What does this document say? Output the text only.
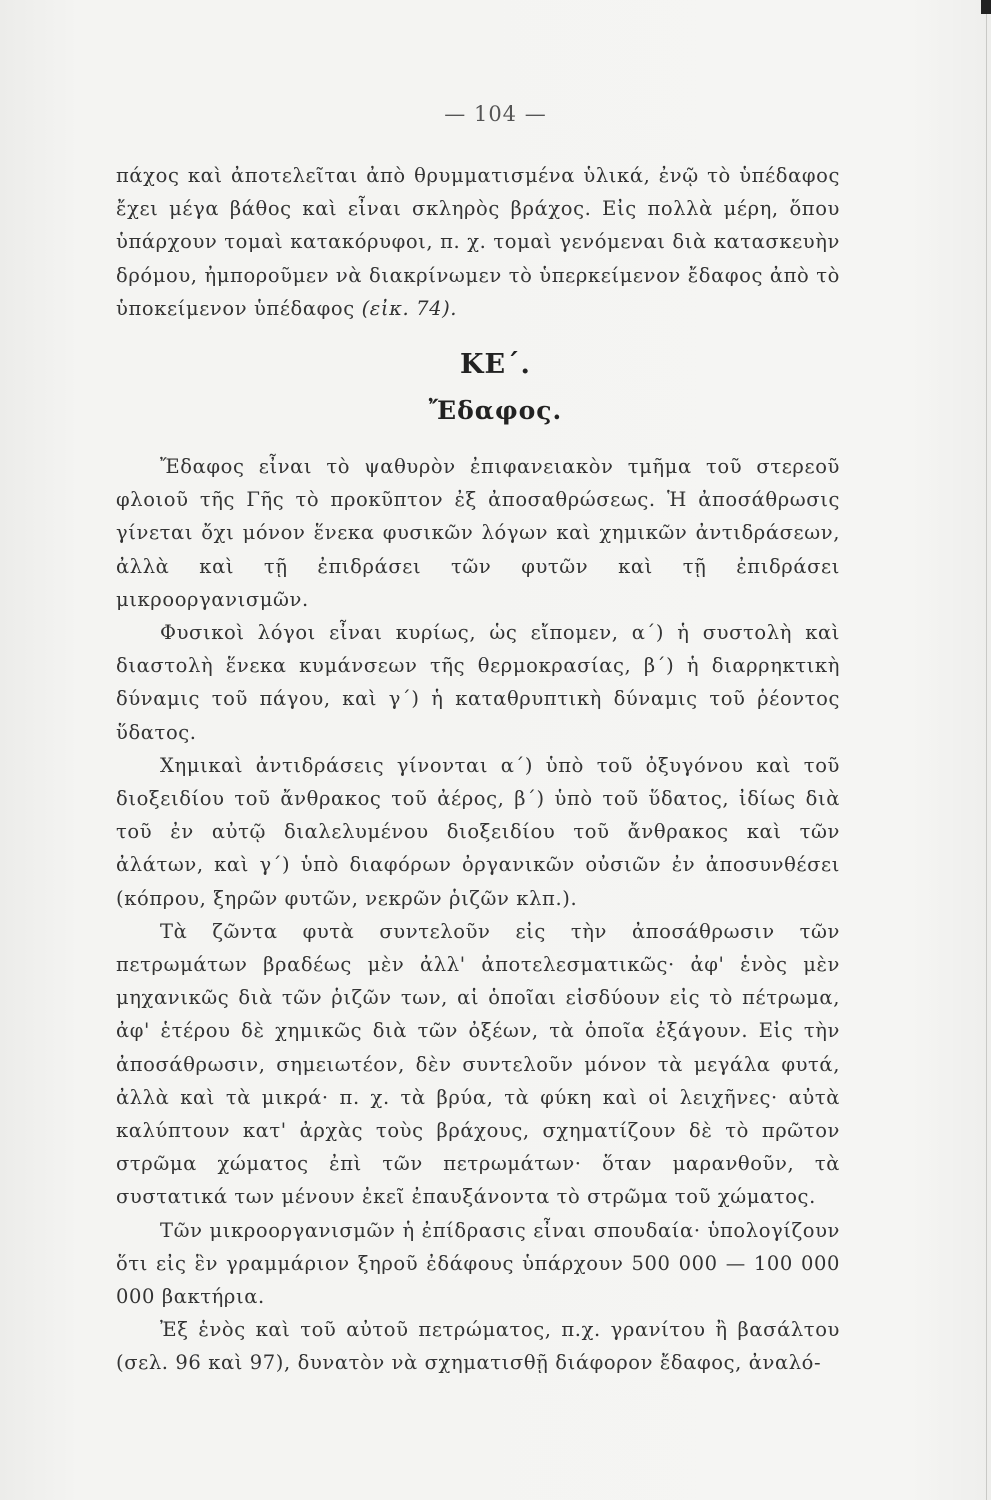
— 104 —

πάχος καὶ ἀποτελεῖται ἀπὸ θρυμματισμένα ὑλικά, ἐνῷ τὸ ὑπέδαφος ἔχει μέγα βάθος καὶ εἶναι σκληρὸς βράχος. Εἰς πολλὰ μέρη, ὅπου ὑπάρχουν τομαὶ κατακόρυφοι, π. χ. τομαὶ γενόμεναι διὰ κατασκευὴν δρόμου, ἠμποροῦμεν νὰ διακρίνωμεν τὸ ὑπερκείμενον ἔδαφος ἀπὸ τὸ ὑποκείμενον ὑπέδαφος (εἰκ. 74).

ΚΕ΄.
Ἔδαφος.

Ἔδαφος εἶναι τὸ ψαθυρὸν ἐπιφανειακὸν τμῆμα τοῦ στερεοῦ φλοιοῦ τῆς Γῆς τὸ προκῦπτον ἐξ ἀποσαθρώσεως. Ἡ ἀποσάθρωσις γίνεται ὄχι μόνον ἕνεκα φυσικῶν λόγων καὶ χημικῶν ἀντιδράσεων, ἀλλὰ καὶ τῇ ἐπιδράσει τῶν φυτῶν καὶ τῇ ἐπιδράσει μικροοργανισμῶν.

Φυσικοὶ λόγοι εἶναι κυρίως, ὡς εἴπομεν, α΄) ἡ συστολὴ καὶ διαστολὴ ἕνεκα κυμάνσεων τῆς θερμοκρασίας, β΄) ἡ διαρρηκτικὴ δύναμις τοῦ πάγου, καὶ γ΄) ἡ καταθρυπτικὴ δύναμις τοῦ ῥέοντος ὕδατος.

Χημικαὶ ἀντιδράσεις γίνονται α΄) ὑπὸ τοῦ ὀξυγόνου καὶ τοῦ διοξειδίου τοῦ ἄνθρακος τοῦ ἀέρος, β΄) ὑπὸ τοῦ ὕδατος, ἰδίως διὰ τοῦ ἐν αὐτῷ διαλελυμένου διοξειδίου τοῦ ἄνθρακος καὶ τῶν ἀλάτων, καὶ γ΄) ὑπὸ διαφόρων ὀργανικῶν οὐσιῶν ἐν ἀποσυνθέσει (κόπρου, ξηρῶν φυτῶν, νεκρῶν ῥιζῶν κλπ.).

Τὰ ζῶντα φυτὰ συντελοῦν εἰς τὴν ἀποσάθρωσιν τῶν πετρωμάτων βραδέως μὲν ἀλλ' ἀποτελεσματικῶς· ἀφ' ἑνὸς μὲν μηχανικῶς διὰ τῶν ῥιζῶν των, αἱ ὁποῖαι εἰσδύουν εἰς τὸ πέτρωμα, ἀφ' ἑτέρου δὲ χημικῶς διὰ τῶν ὀξέων, τὰ ὁποῖα ἐξάγουν. Εἰς τὴν ἀποσάθρωσιν, σημειωτέον, δὲν συντελοῦν μόνον τὰ μεγάλα φυτά, ἀλλὰ καὶ τὰ μικρά· π. χ. τὰ βρύα, τὰ φύκη καὶ οἱ λειχῆνες· αὐτὰ καλύπτουν κατ' ἀρχὰς τοὺς βράχους, σχηματίζουν δὲ τὸ πρῶτον στρῶμα χώματος ἐπὶ τῶν πετρωμάτων· ὅταν μαρανθοῦν, τὰ συστατικά των μένουν ἐκεῖ ἐπαυξάνοντα τὸ στρῶμα τοῦ χώματος.

Τῶν μικροοργανισμῶν ἡ ἐπίδρασις εἶναι σπουδαία· ὑπολογίζουν ὅτι εἰς ἓν γραμμάριον ξηροῦ ἐδάφους ὑπάρχουν 500 000 — 100 000 000 βακτήρια.

Ἐξ ἑνὸς καὶ τοῦ αὐτοῦ πετρώματος, π.χ. γρανίτου ἢ βασάλτου (σελ. 96 καὶ 97), δυνατὸν νὰ σχηματισθῇ διάφορον ἔδαφος, ἀναλό-
